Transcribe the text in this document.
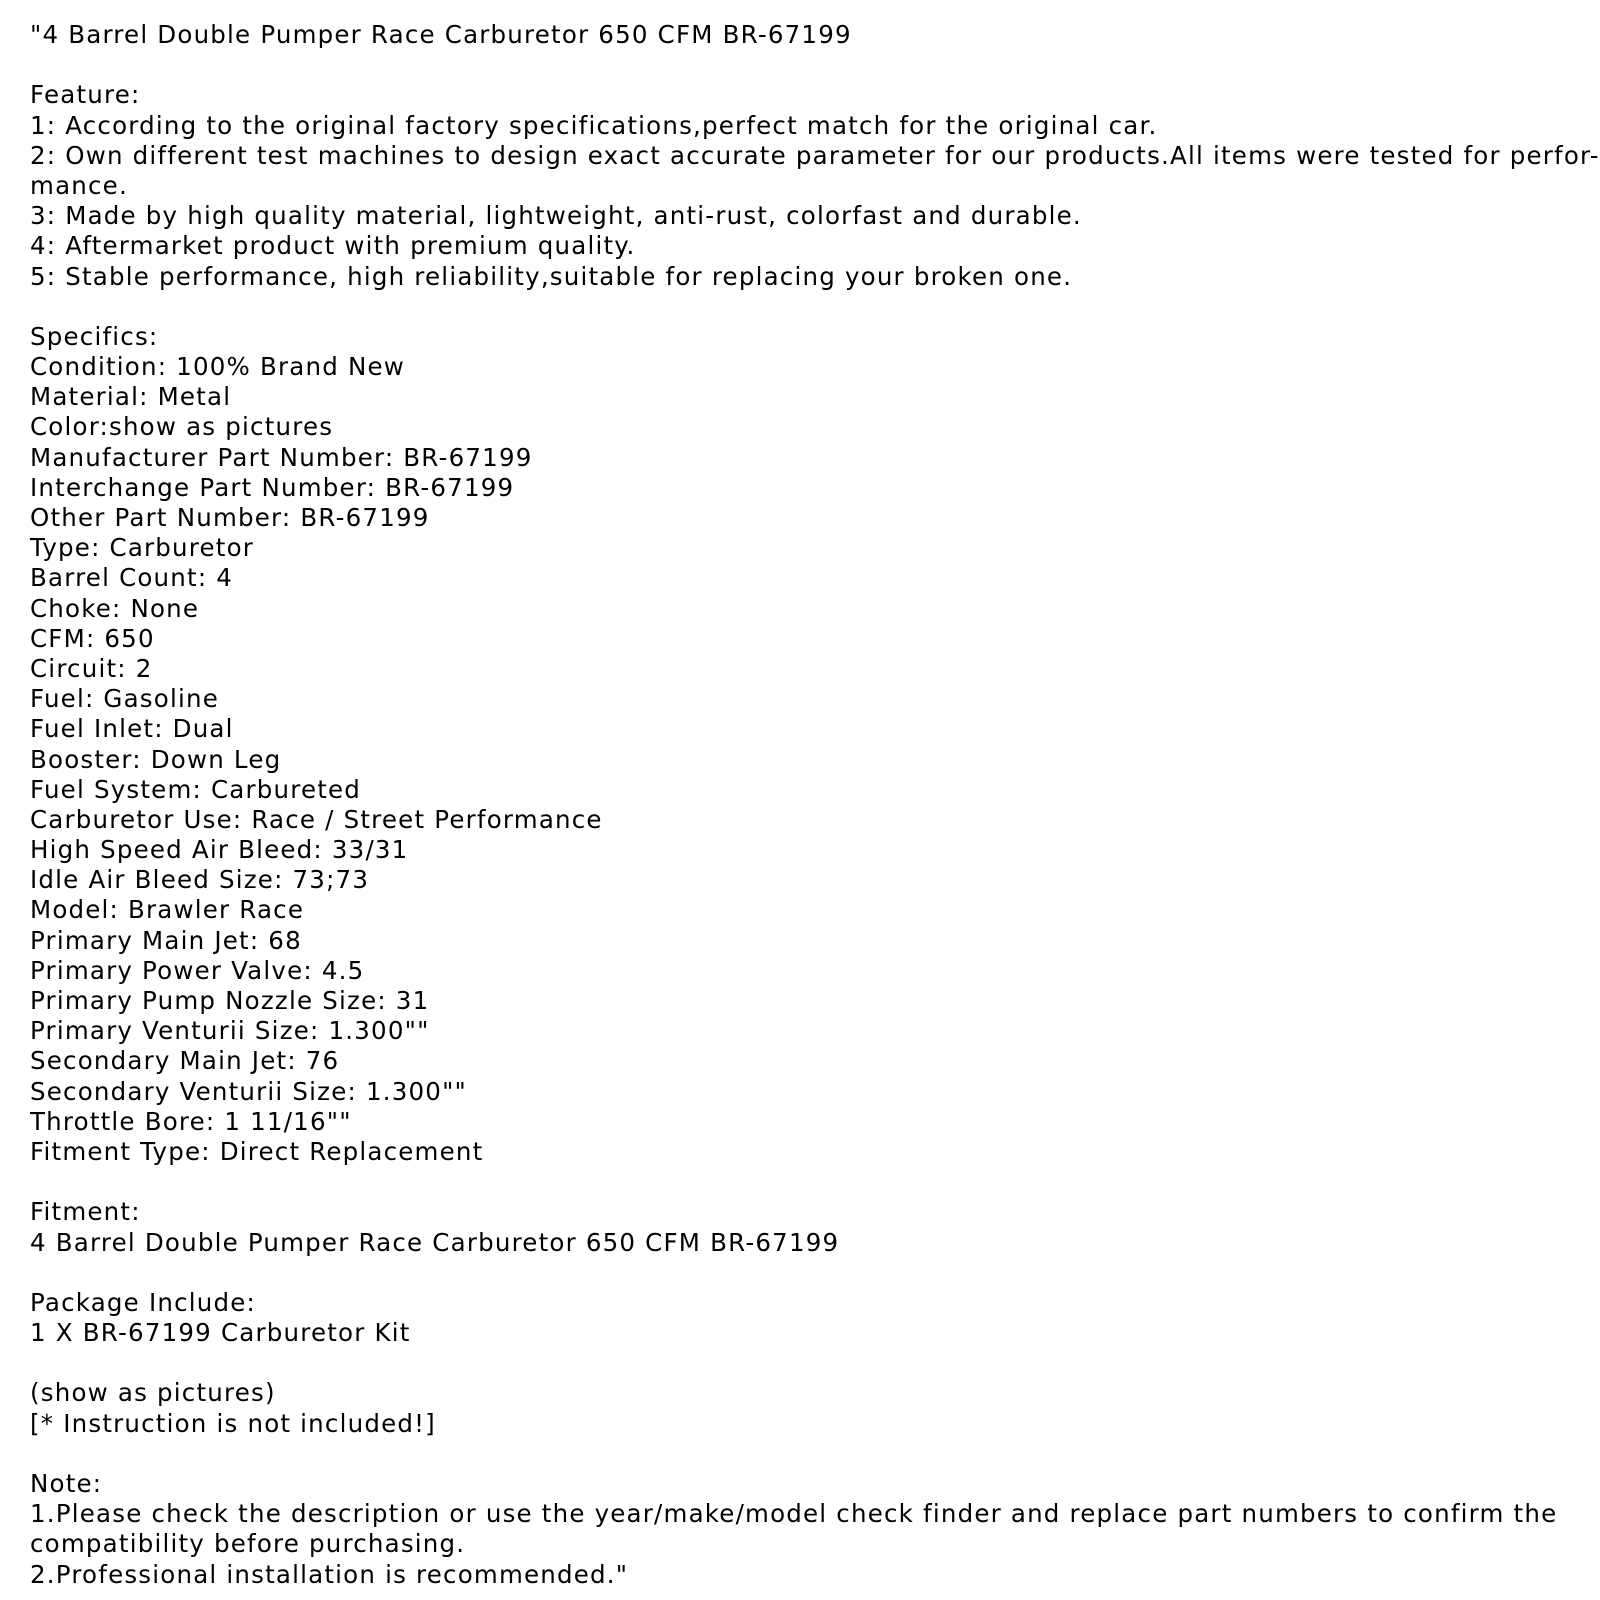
"4 Barrel Double Pumper Race Carburetor 650 CFM BR-67199
Feature:
1: According to the original factory specifications,perfect match for the original car.
2: Own different test machines to design exact accurate parameter for our products.All items were tested for perfor-
mance.
3: Made by high quality material, lightweight, anti-rust, colorfast and durable.
4: Aftermarket product with premium quality.
5: Stable performance, high reliability,suitable for replacing your broken one.
Specifics:
Condition: 100% Brand New
Material: Metal
Color:show as pictures
Manufacturer Part Number: BR-67199
Interchange Part Number: BR-67199
Other Part Number: BR-67199
Type: Carburetor
Barrel Count: 4
Choke: None
CFM: 650
Circuit: 2
Fuel: Gasoline
Fuel Inlet: Dual
Booster: Down Leg
Fuel System: Carbureted
Carburetor Use: Race / Street Performance
High Speed Air Bleed: 33/31
Idle Air Bleed Size: 73;73
Model: Brawler Race
Primary Main Jet: 68
Primary Power Valve: 4.5
Primary Pump Nozzle Size: 31
Primary Venturii Size: 1.300""
Secondary Main Jet: 76
Secondary Venturii Size: 1.300""
Throttle Bore: 1 11/16""
Fitment Type: Direct Replacement
Fitment:
4 Barrel Double Pumper Race Carburetor 650 CFM BR-67199
Package Include:
1 X BR-67199 Carburetor Kit
(show as pictures)
[* Instruction is not included!]
Note:
1.Please check the description or use the year/make/model check finder and replace part numbers to confirm the
compatibility before purchasing.
2.Professional installation is recommended."
